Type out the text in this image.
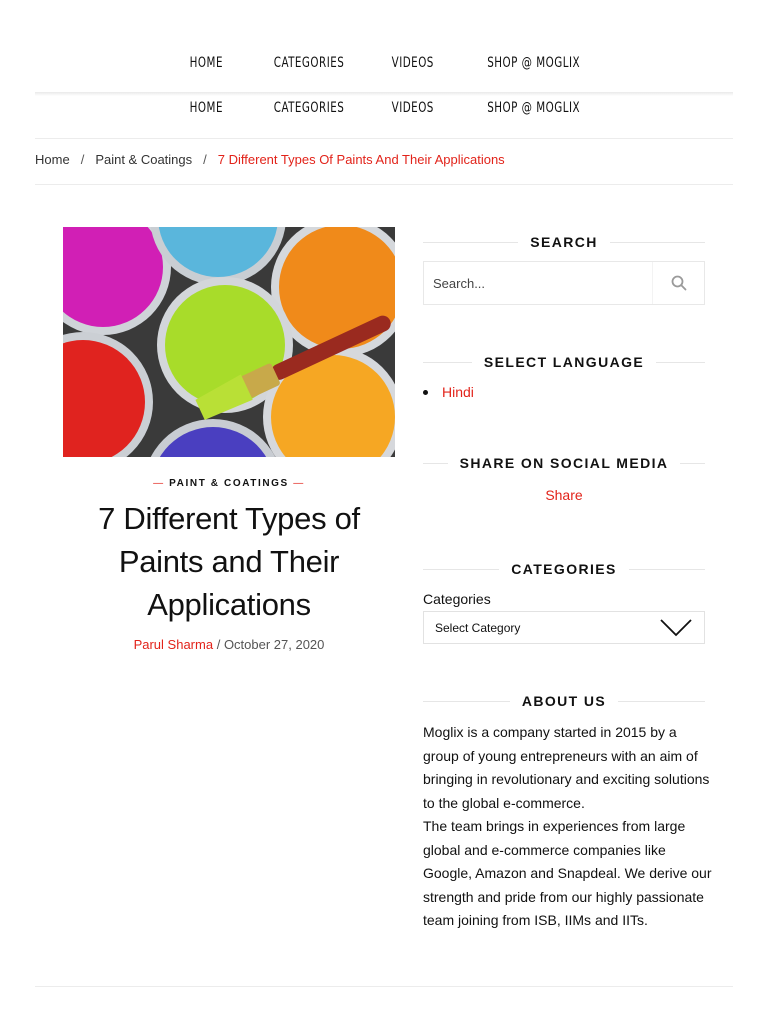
HOME	CATEGORIES	VIDEOS	SHOP @ MOGLIX
HOME	CATEGORIES	VIDEOS	SHOP @ MOGLIX
Home / Paint & Coatings / 7 Different Types Of Paints And Their Applications
— PAINT & COATINGS —
7 Different Types of Paints and Their Applications
Parul Sharma / October 27, 2020
SEARCH
Search...
SELECT LANGUAGE
Hindi
SHARE ON SOCIAL MEDIA
Share
CATEGORIES
Categories
Select Category
ABOUT US

Moglix is a company started in 2015 by a group of young entrepreneurs with an aim of bringing in revolutionary and exciting solutions to the global e-commerce.

The team brings in experiences from large global and e-commerce companies like Google, Amazon and Snapdeal. We derive our strength and pride from our highly passionate team joining from ISB, IIMs and IITs.
